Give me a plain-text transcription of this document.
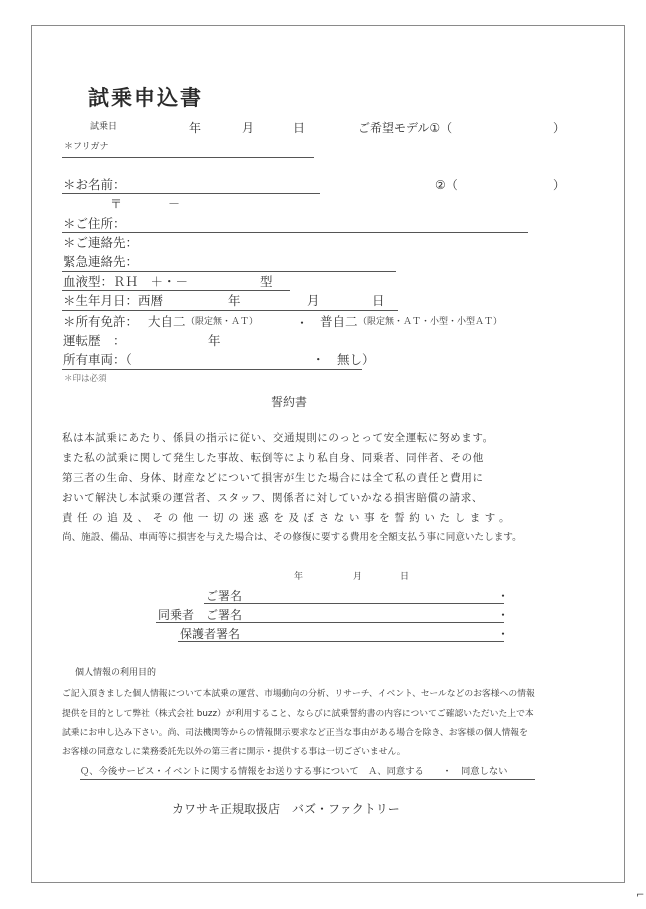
試乗申込書
試乗日	年	月	日	ご希望モデル①（	）
＊フリガナ
＊お名前：	②（	）
〒	－
＊ご住所：
＊ご連絡先：
緊急連絡先：
血液型：ＲＨ　＋・－	型
＊生年月日：西暦	年	月	日
＊所有免許： 大自二 （限定無・ＡＴ）	・ 普自二 （限定無・ＡＴ・小型・小型ＡＴ）
運転歴　：	年
所有車両：（	・　無し）
＊印は必須
誓約書
私は本試乗にあたり、係員の指示に従い、交通規則にのっとって安全運転に努めます。
また私の試乗に関して発生した事故、転倒等により私自身、同乗者、同伴者、その他
第三者の生命、身体、財産などについて損害が生じた場合には全て私の責任と費用に
おいて解決し本試乗の運営者、スタッフ、関係者に対していかなる損害賠償の請求、
責任の追及、その他一切の迷惑を及ぼさない事を誓約いたします。
尚、施設、備品、車両等に損害を与えた場合は、その修復に要する費用を全額支払う事に同意いたします。
年	月	日
ご署名	・
同乗者 ご署名	・
保護者署名	・
個人情報の利用目的
ご記入頂きました個人情報について本試乗の運営、市場動向の分析、リサーチ、イベント、セールなどのお客様への情報
提供を目的として弊社（株式会社 buzz）が利用すること、ならびに試乗誓約書の内容についてご確認いただいた上で本
試乗にお申し込み下さい。尚、司法機関等からの情報開示要求など正当な事由がある場合を除き、お客様の個人情報を
お客様の同意なしに業務委託先以外の第三者に開示・提供する事は一切ございません。
Ｑ、今後サービス・イベントに関する情報をお送りする事について　Ａ、同意する　　・　同意しない
カワサキ正規取扱店　バズ・ファクトリー
⌐
